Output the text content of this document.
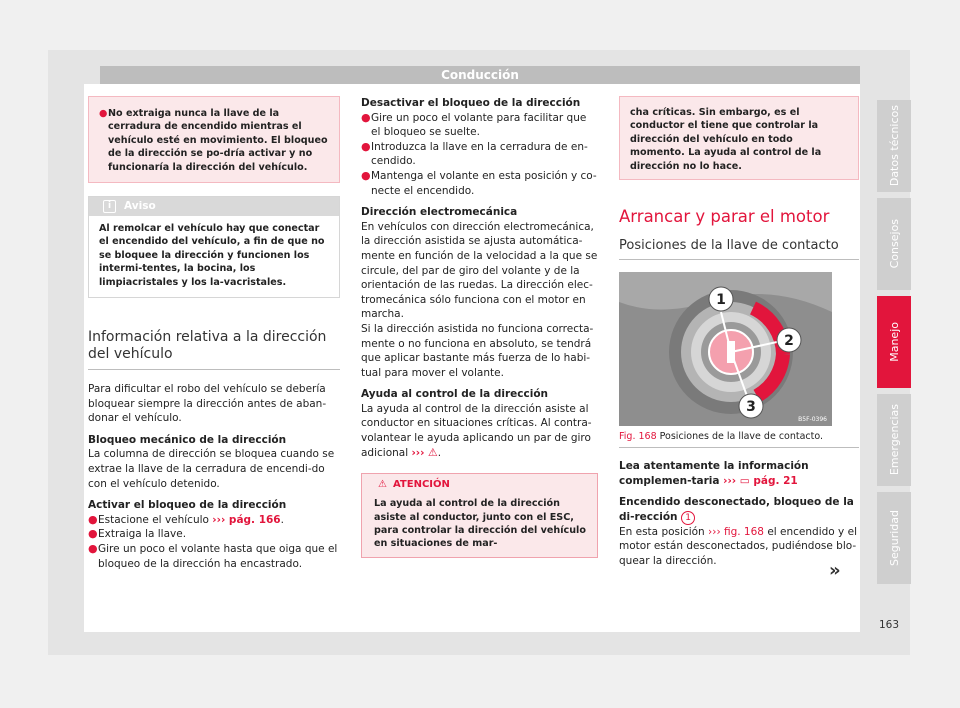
Conducción
● No extraiga nunca la llave de la cerradura de encendido mientras el vehículo esté en movimiento. El bloqueo de la dirección se po-dría activar y no funcionaría la dirección del vehículo.
i Aviso
Al remolcar el vehículo hay que conectar el encendido del vehículo, a fin de que no se bloquee la dirección y funcionen los intermi-tentes, la bocina, los limpiacristales y los la-vacristales.
Información relativa a la dirección del vehículo

Para dificultar el robo del vehículo se debería bloquear siempre la dirección antes de aban-donar el vehículo.

Bloqueo mecánico de la dirección

La columna de dirección se bloquea cuando se extrae la llave de la cerradura de encendi-do con el vehículo detenido.

Activar el bloqueo de la dirección

● Estacione el vehículo ››› pág. 166.
● Extraiga la llave.
● Gire un poco el volante hasta que oiga que el bloqueo de la dirección ha encastrado.

Desactivar el bloqueo de la dirección

● Gire un poco el volante para facilitar que el bloqueo se suelte.
● Introduzca la llave en la cerradura de en-cendido.
● Mantenga el volante en esta posición y co-necte el encendido.

Dirección electromecánica

En vehículos con dirección electromecánica, la dirección asistida se ajusta automática-mente en función de la velocidad a la que se circule, del par de giro del volante y de la orientación de las ruedas. La dirección elec-tromecánica sólo funciona con el motor en marcha.

Si la dirección asistida no funciona correcta-mente o no funciona en absoluto, se tendrá que aplicar bastante más fuerza de lo habi-tual para mover el volante.

Ayuda al control de la dirección

La ayuda al control de la dirección asiste al conductor en situaciones críticas. Al contra-volantear le ayuda aplicando un par de giro adicional ››› ⚠.

⚠ ATENCIÓN
La ayuda al control de la dirección asiste al conductor, junto con el ESC, para controlar la dirección del vehículo en situaciones de mar-
cha críticas. Sin embargo, es el conductor el tiene que controlar la dirección del vehículo en todo momento. La ayuda al control de la dirección no lo hace.
Arrancar y parar el motor
Posiciones de la llave de contacto
1
2
3
B5F-0396
Fig. 168 Posiciones de la llave de contacto.

Lea atentamente la información complemen-taria ››› ▭ pág. 21

Encendido desconectado, bloqueo de la di-rección 1

En esta posición ››› fig. 168 el encendido y el motor están desconectados, pudiéndose blo-quear la dirección.	»
Datos técnicos
Consejos
Manejo
Emergencias
Seguridad
163
